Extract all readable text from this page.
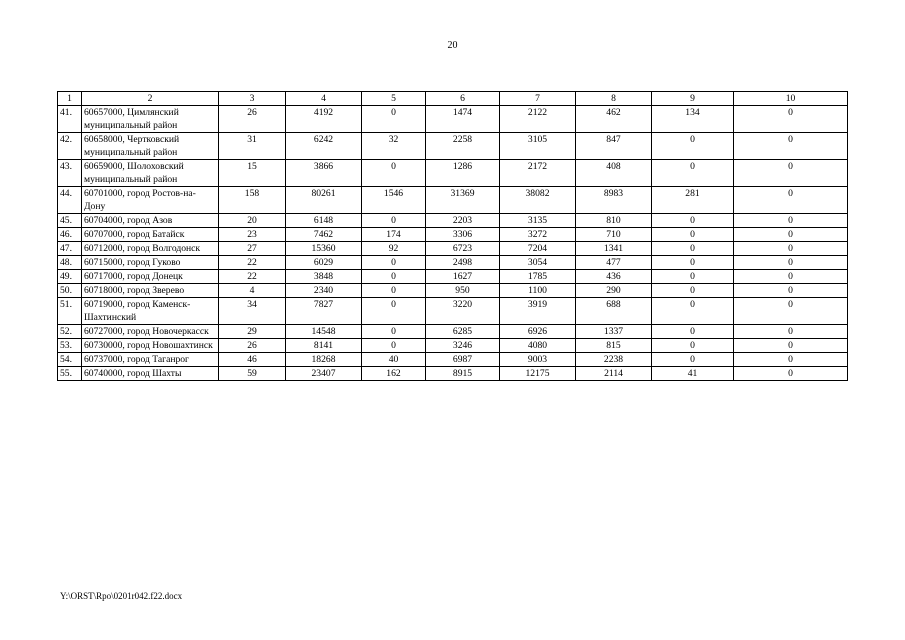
20
1	2	3	4	5	6	7	8	9	10
41.	60657000, Цимлянский муниципальный район	26	4192	0	1474	2122	462	134	0
42.	60658000, Чертковский муниципальный район	31	6242	32	2258	3105	847	0	0
43.	60659000, Шолоховский муниципальный район	15	3866	0	1286	2172	408	0	0
44.	60701000, город Ростов-на-Дону	158	80261	1546	31369	38082	8983	281	0
45.	60704000, город Азов	20	6148	0	2203	3135	810	0	0
46.	60707000, город Батайск	23	7462	174	3306	3272	710	0	0
47.	60712000, город Волгодонск	27	15360	92	6723	7204	1341	0	0
48.	60715000, город Гуково	22	6029	0	2498	3054	477	0	0
49.	60717000, город Донецк	22	3848	0	1627	1785	436	0	0
50.	60718000, город Зверево	4	2340	0	950	1100	290	0	0
51.	60719000, город Каменск-Шахтинский	34	7827	0	3220	3919	688	0	0
52.	60727000, город Новочеркасск	29	14548	0	6285	6926	1337	0	0
53.	60730000, город Новошахтинск	26	8141	0	3246	4080	815	0	0
54.	60737000, город Таганрог	46	18268	40	6987	9003	2238	0	0
55.	60740000, город Шахты	59	23407	162	8915	12175	2114	41	0
Y:\ORST\Rpo\0201r042.f22.docx
